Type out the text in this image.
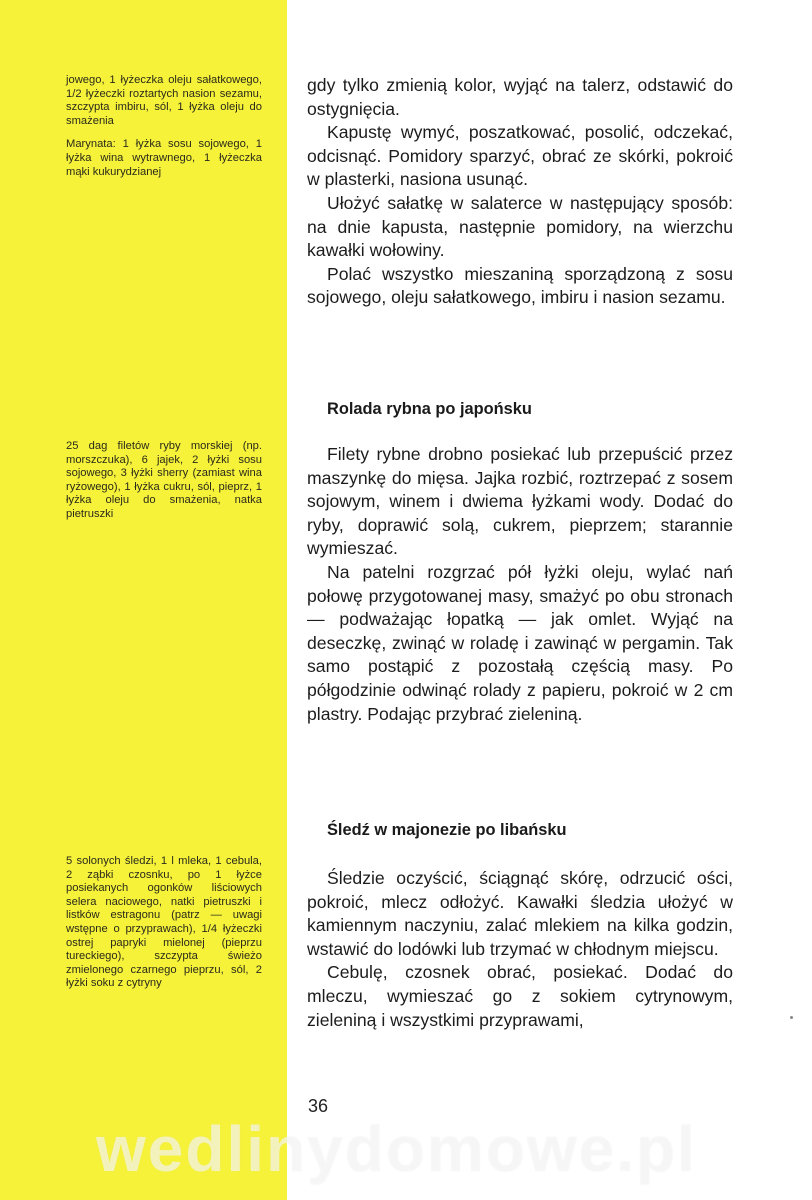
jowego, 1 łyżeczka oleju sałatkowego, 1/2 łyżeczki roztartych nasion sezamu, szczypta imbiru, sól, 1 łyżka oleju do smażenia

Marynata: 1 łyżka sosu sojowego, 1 łyżka wina wytrawnego, 1 łyżeczka mąki kukurydzianej

25 dag filetów ryby morskiej (np. morszczuka), 6 jajek, 2 łyżki sosu sojowego, 3 łyżki sherry (zamiast wina ryżowego), 1 łyżka cukru, sól, pieprz, 1 łyżka oleju do smażenia, natka pietruszki

5 solonych śledzi, 1 l mleka, 1 cebula, 2 ząbki czosnku, po 1 łyżce posiekanych ogonków liściowych selera naciowego, natki pietruszki i listków estragonu (patrz — uwagi wstępne o przyprawach), 1/4 łyżeczki ostrej papryki mielonej (pieprzu tureckiego), szczypta świeżo zmielonego czarnego pieprzu, sól, 2 łyżki soku z cytryny

gdy tylko zmienią kolor, wyjąć na talerz, odstawić do ostygnięcia.

Kapustę wymyć, poszatkować, posolić, odczekać, odcisnąć. Pomidory sparzyć, obrać ze skórki, pokroić w plasterki, nasiona usunąć.

Ułożyć sałatkę w salaterce w następujący sposób: na dnie kapusta, następnie pomidory, na wierzchu kawałki wołowiny.

Polać wszystko mieszaniną sporządzoną z sosu sojowego, oleju sałatkowego, imbiru i nasion sezamu.

Rolada rybna po japońsku

Filety rybne drobno posiekać lub przepuścić przez maszynkę do mięsa. Jajka rozbić, roztrzepać z sosem sojowym, winem i dwiema łyżkami wody. Dodać do ryby, doprawić solą, cukrem, pieprzem; starannie wymieszać.

Na patelni rozgrzać pół łyżki oleju, wylać nań połowę przygotowanej masy, smażyć po obu stronach — podważając łopatką — jak omlet. Wyjąć na deseczkę, zwinąć w roladę i zawinąć w pergamin. Tak samo postąpić z pozostałą częścią masy. Po półgodzinie odwinąć rolady z papieru, pokroić w 2 cm plastry. Podając przybrać zieleniną.

Śledź w majonezie po libańsku

Śledzie oczyścić, ściągnąć skórę, odrzucić ości, pokroić, mlecz odłożyć. Kawałki śledzia ułożyć w kamiennym naczyniu, zalać mlekiem na kilka godzin, wstawić do lodówki lub trzymać w chłodnym miejscu.

Cebulę, czosnek obrać, posiekać. Dodać do mleczu, wymieszać go z sokiem cytrynowym, zieleniną i wszystkimi przyprawami,

36
wedlinydomowe.pl
